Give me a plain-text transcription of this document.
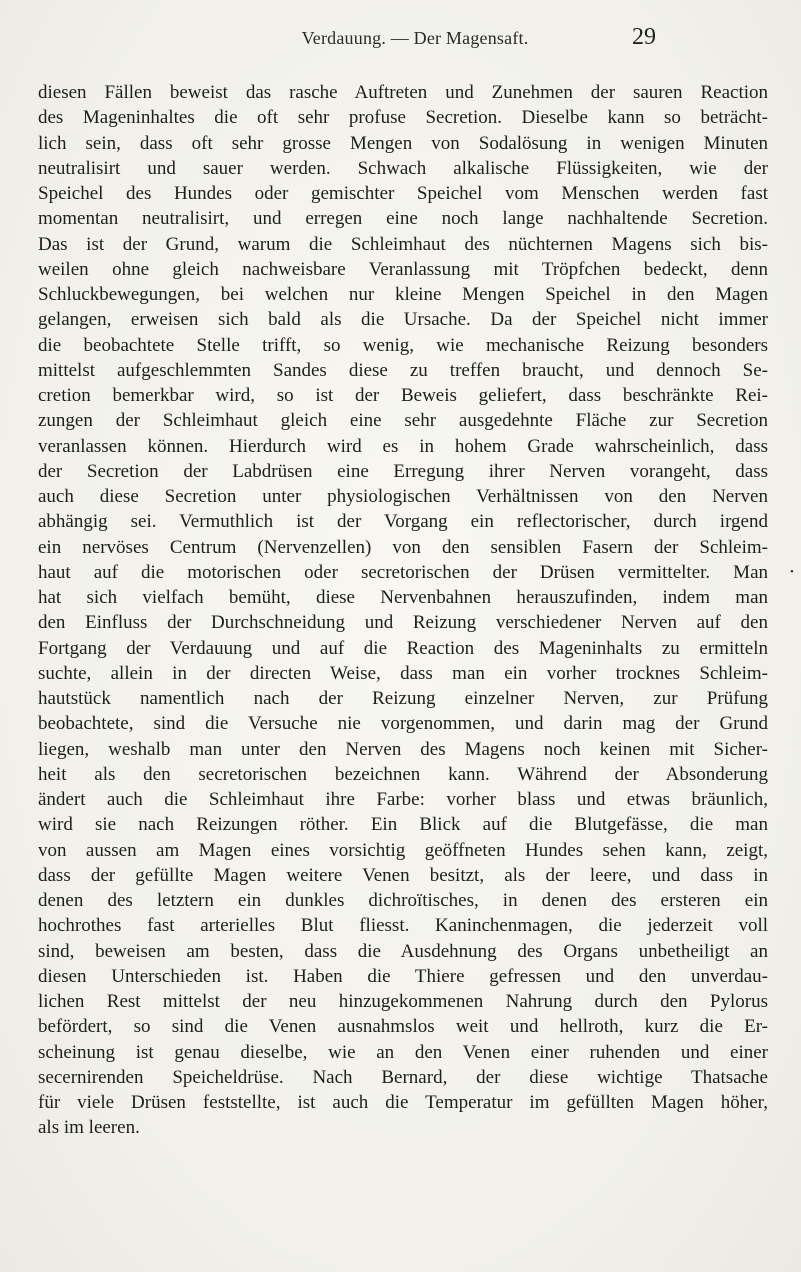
Verdauung. — Der Magensaft.	29
diesen Fällen beweist das rasche Auftreten und Zunehmen der sauren Reaction
des Mageninhaltes die oft sehr profuse Secretion. Dieselbe kann so beträcht-
lich sein, dass oft sehr grosse Mengen von Sodalösung in wenigen Minuten
neutralisirt und sauer werden. Schwach alkalische Flüssigkeiten, wie der
Speichel des Hundes oder gemischter Speichel vom Menschen werden fast
momentan neutralisirt, und erregen eine noch lange nachhaltende Secretion.
Das ist der Grund, warum die Schleimhaut des nüchternen Magens sich bis-
weilen ohne gleich nachweisbare Veranlassung mit Tröpfchen bedeckt, denn
Schluckbewegungen, bei welchen nur kleine Mengen Speichel in den Magen
gelangen, erweisen sich bald als die Ursache. Da der Speichel nicht immer
die beobachtete Stelle trifft, so wenig, wie mechanische Reizung besonders
mittelst aufgeschlemmten Sandes diese zu treffen braucht, und dennoch Se-
cretion bemerkbar wird, so ist der Beweis geliefert, dass beschränkte Rei-
zungen der Schleimhaut gleich eine sehr ausgedehnte Fläche zur Secretion
veranlassen können. Hierdurch wird es in hohem Grade wahrscheinlich, dass
der Secretion der Labdrüsen eine Erregung ihrer Nerven vorangeht, dass
auch diese Secretion unter physiologischen Verhältnissen von den Nerven
abhängig sei. Vermuthlich ist der Vorgang ein reflectorischer, durch irgend
ein nervöses Centrum (Nervenzellen) von den sensiblen Fasern der Schleim-
haut auf die motorischen oder secretorischen der Drüsen vermittelter. Man
hat sich vielfach bemüht, diese Nervenbahnen herauszufinden, indem man
den Einfluss der Durchschneidung und Reizung verschiedener Nerven auf den
Fortgang der Verdauung und auf die Reaction des Mageninhalts zu ermitteln
suchte, allein in der directen Weise, dass man ein vorher trocknes Schleim-
hautstück namentlich nach der Reizung einzelner Nerven, zur Prüfung
beobachtete, sind die Versuche nie vorgenommen, und darin mag der Grund
liegen, weshalb man unter den Nerven des Magens noch keinen mit Sicher-
heit als den secretorischen bezeichnen kann. Während der Absonderung
ändert auch die Schleimhaut ihre Farbe: vorher blass und etwas bräunlich,
wird sie nach Reizungen röther. Ein Blick auf die Blutgefässe, die man
von aussen am Magen eines vorsichtig geöffneten Hundes sehen kann, zeigt,
dass der gefüllte Magen weitere Venen besitzt, als der leere, und dass in
denen des letztern ein dunkles dichroïtisches, in denen des ersteren ein
hochrothes fast arterielles Blut fliesst. Kaninchenmagen, die jederzeit voll
sind, beweisen am besten, dass die Ausdehnung des Organs unbetheiligt an
diesen Unterschieden ist. Haben die Thiere gefressen und den unverdau-
lichen Rest mittelst der neu hinzugekommenen Nahrung durch den Pylorus
befördert, so sind die Venen ausnahmslos weit und hellroth, kurz die Er-
scheinung ist genau dieselbe, wie an den Venen einer ruhenden und einer
secernirenden Speicheldrüse. Nach Bernard, der diese wichtige Thatsache
für viele Drüsen feststellte, ist auch die Temperatur im gefüllten Magen höher,
als im leeren.
•
